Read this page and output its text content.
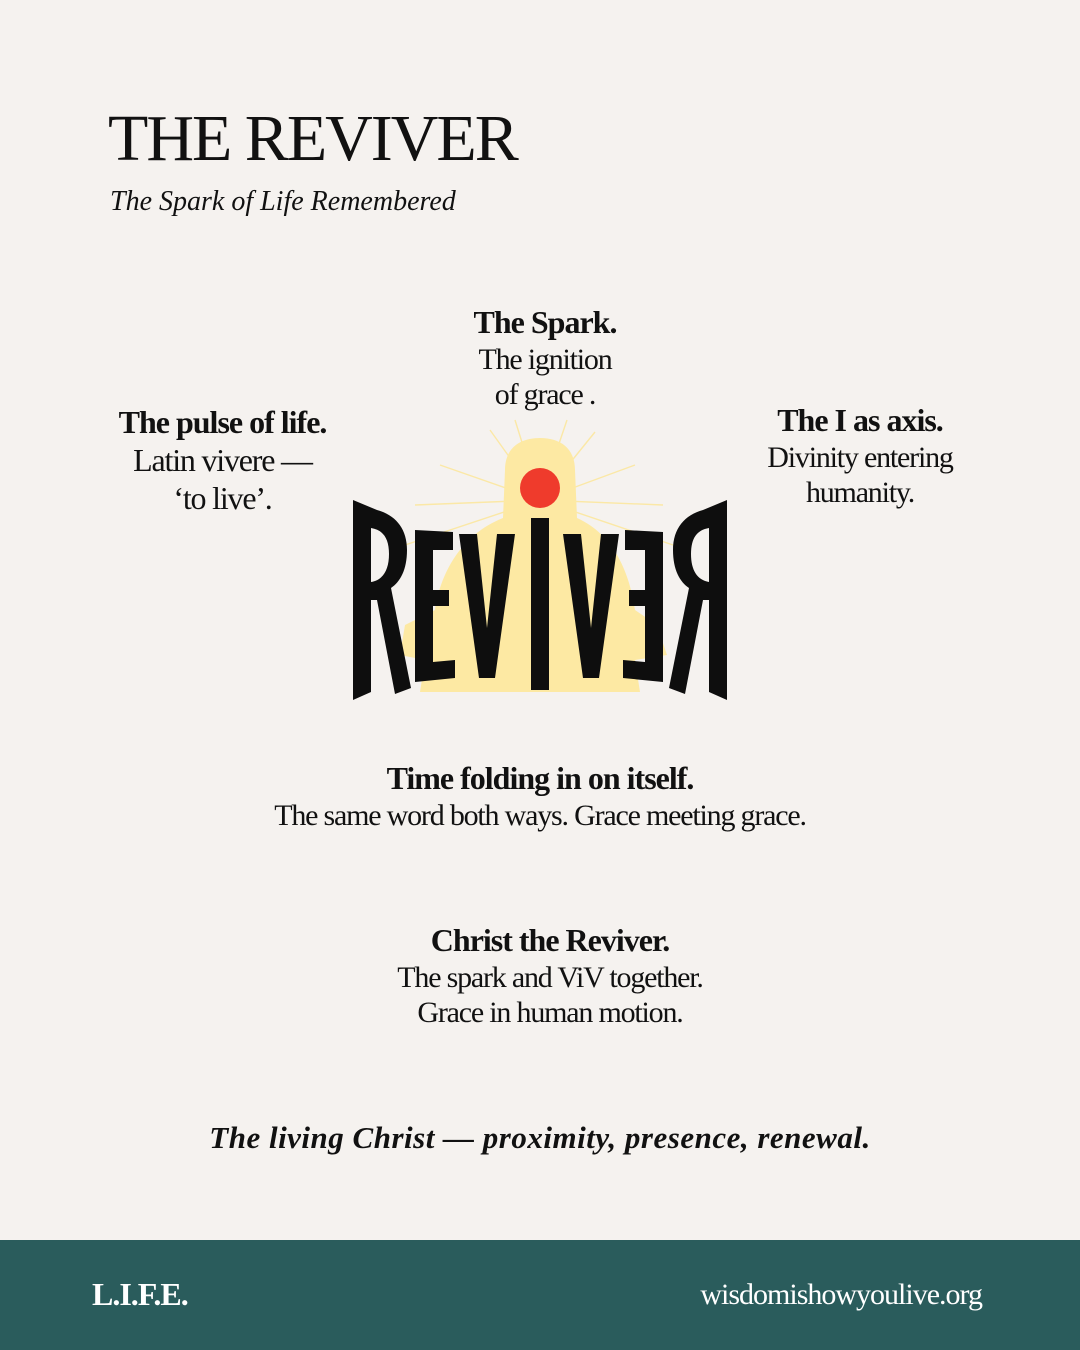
THE REVIVER
The Spark of Life Remembered
The Spark.
The ignition
of grace .
The pulse of life.
Latin vivere —
‘to live’.
The I as axis.
Divinity entering
humanity.
Time folding in on itself.
The same word both ways. Grace meeting grace.
Christ the Reviver.
The spark and ViV together.
Grace in human motion.
The living Christ — proximity, presence, renewal.
L.I.F.E.	wisdomishowyoulive.org
